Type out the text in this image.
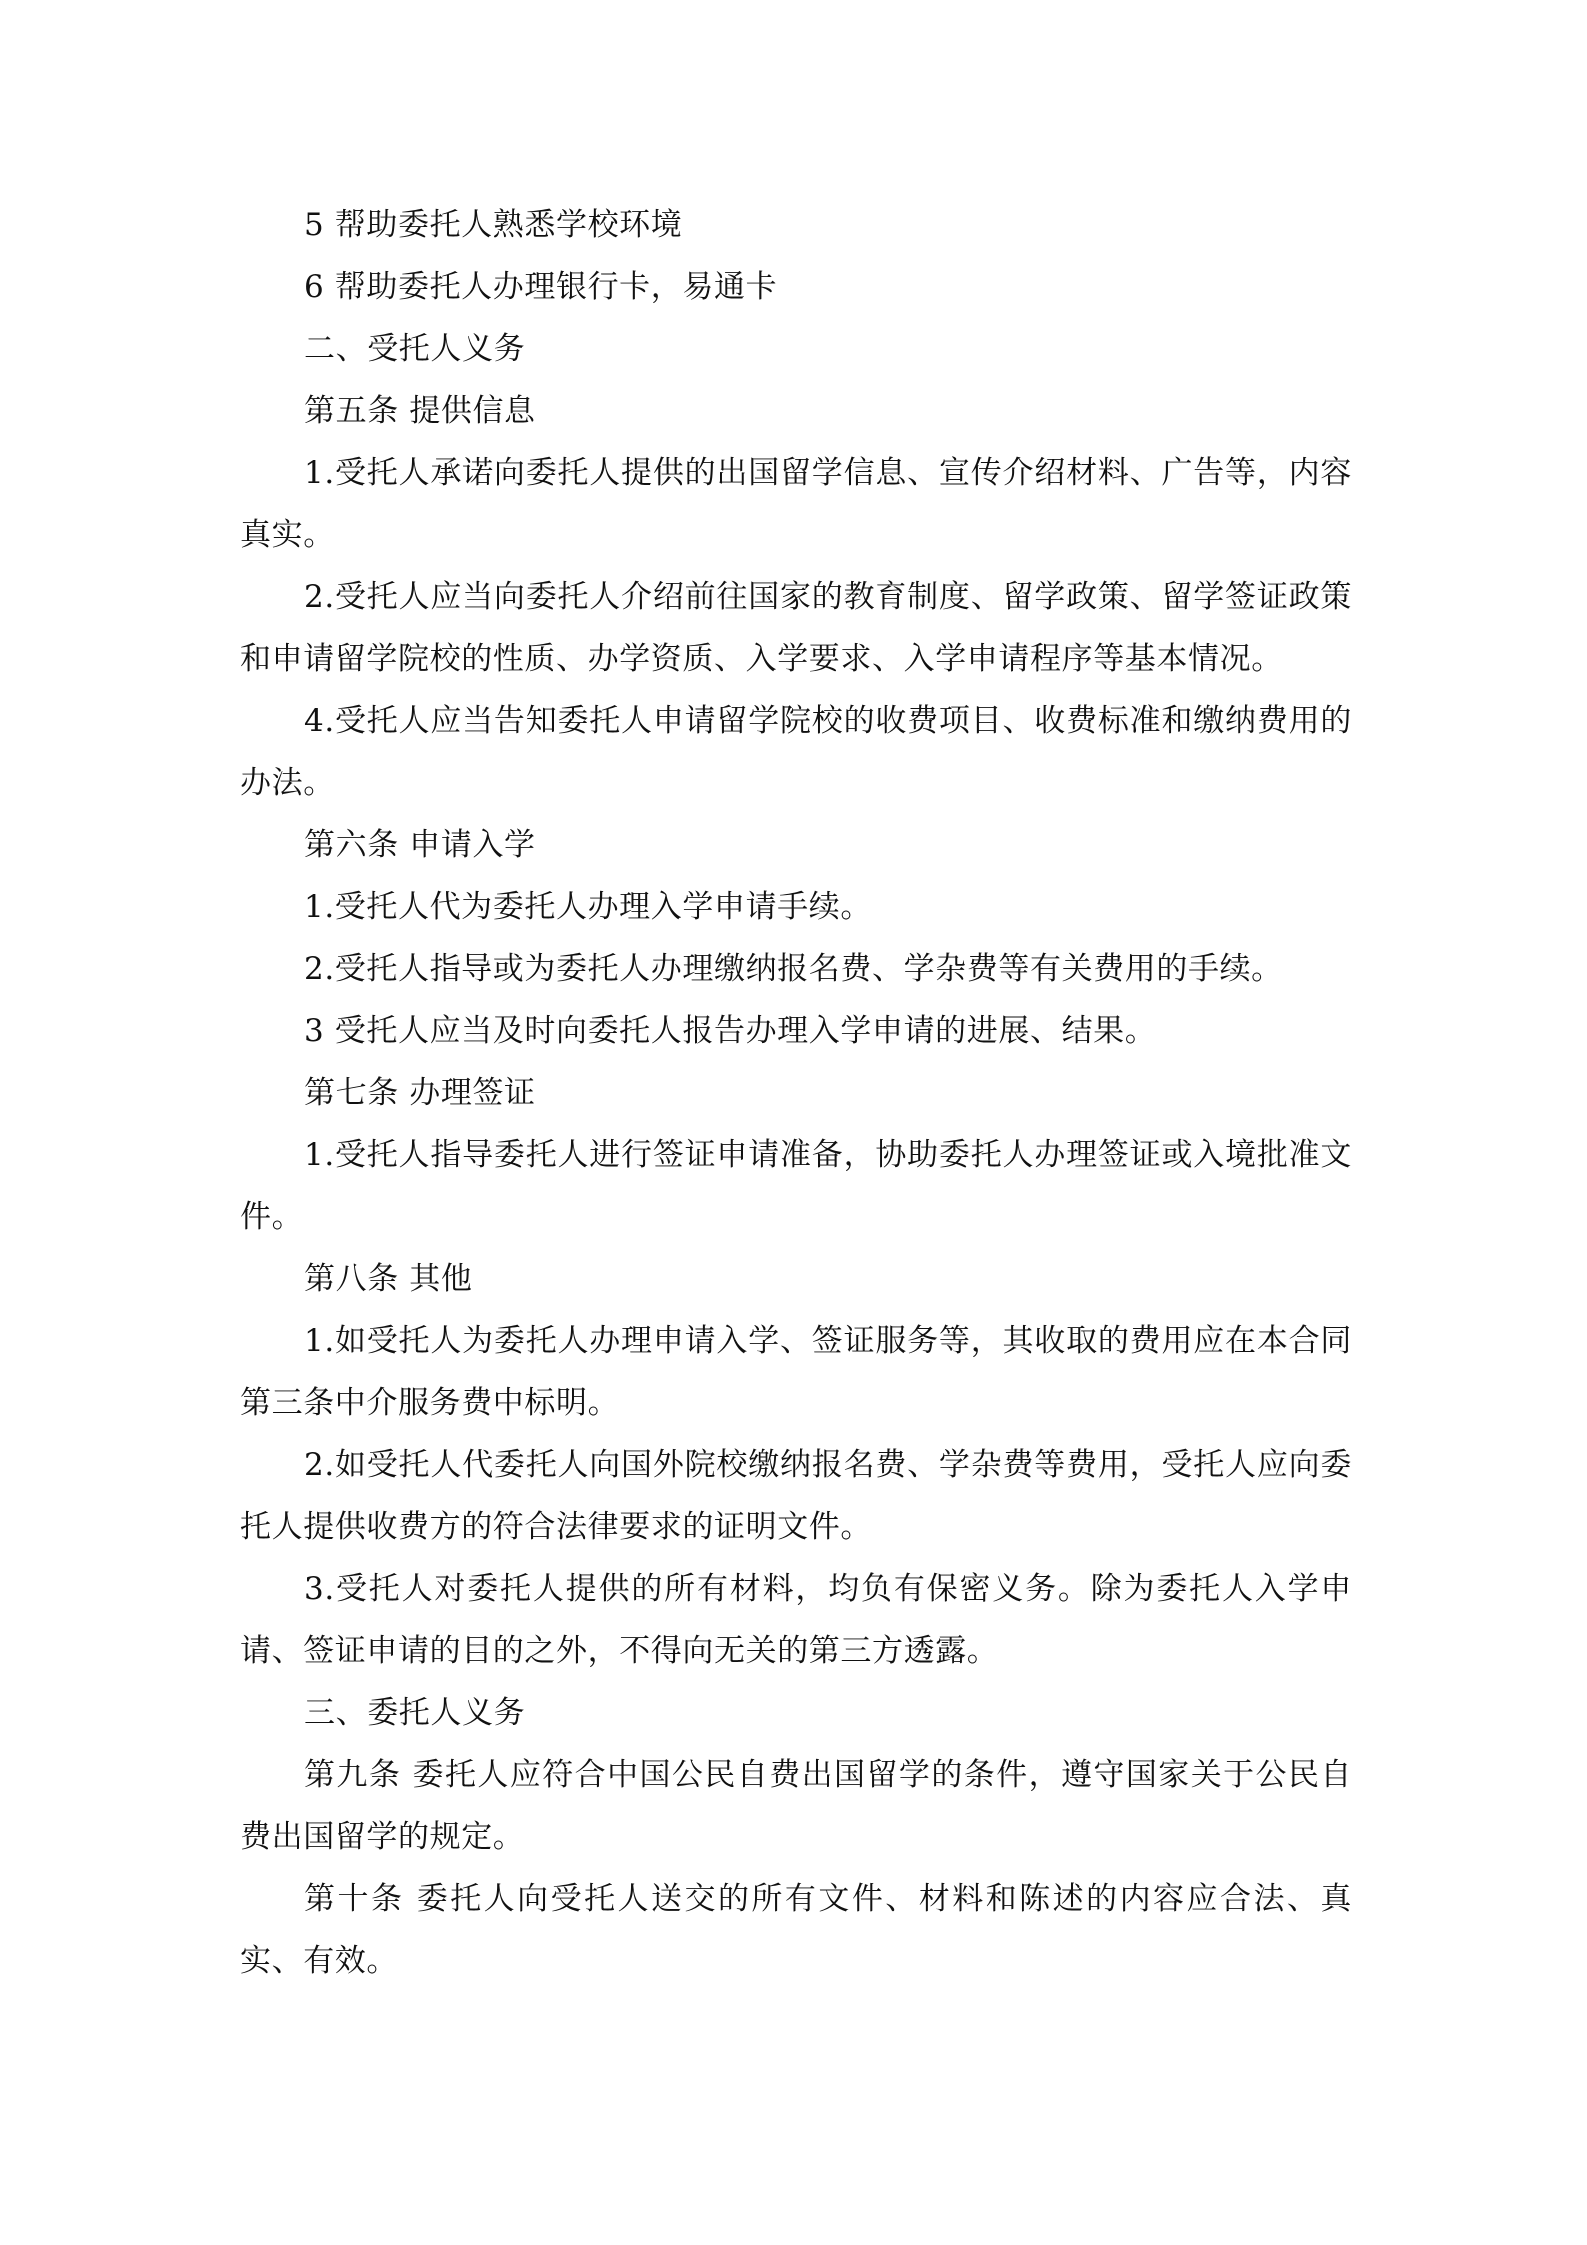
5 帮助委托人熟悉学校环境

6 帮助委托人办理银行卡，易通卡

二、受托人义务

第五条 提供信息

1.受托人承诺向委托人提供的出国留学信息、宣传介绍材料、广告等，内容真实。

2.受托人应当向委托人介绍前往国家的教育制度、留学政策、留学签证政策和申请留学院校的性质、办学资质、入学要求、入学申请程序等基本情况。

4.受托人应当告知委托人申请留学院校的收费项目、收费标准和缴纳费用的办法。

第六条 申请入学

1.受托人代为委托人办理入学申请手续。

2.受托人指导或为委托人办理缴纳报名费、学杂费等有关费用的手续。

3 受托人应当及时向委托人报告办理入学申请的进展、结果。

第七条 办理签证

1.受托人指导委托人进行签证申请准备，协助委托人办理签证或入境批准文件。

第八条 其他

1.如受托人为委托人办理申请入学、签证服务等，其收取的费用应在本合同第三条中介服务费中标明。

2.如受托人代委托人向国外院校缴纳报名费、学杂费等费用，受托人应向委托人提供收费方的符合法律要求的证明文件。

3.受托人对委托人提供的所有材料，均负有保密义务。除为委托人入学申请、签证申请的目的之外，不得向无关的第三方透露。

三、委托人义务

第九条 委托人应符合中国公民自费出国留学的条件，遵守国家关于公民自费出国留学的规定。

第十条 委托人向受托人送交的所有文件、材料和陈述的内容应合法、真实、有效。
